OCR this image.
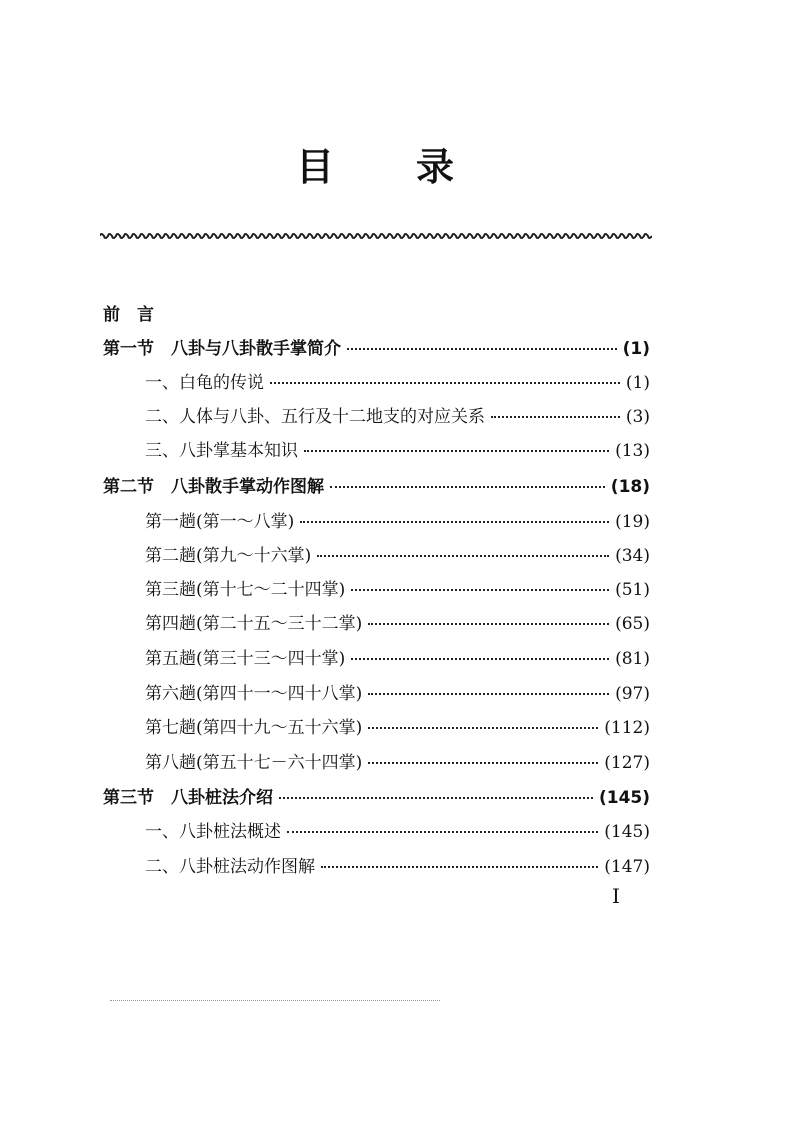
目 录
前　言
第一节　八卦与八卦散手掌简介	(1)
一、白龟的传说	(1)
二、人体与八卦、五行及十二地支的对应关系	(3)
三、八卦掌基本知识	(13)
第二节　八卦散手掌动作图解	(18)
第一趟(第一～八掌)	(19)
第二趟(第九～十六掌)	(34)
第三趟(第十七～二十四掌)	(51)
第四趟(第二十五～三十二掌)	(65)
第五趟(第三十三～四十掌)	(81)
第六趟(第四十一～四十八掌)	(97)
第七趟(第四十九～五十六掌)	(112)
第八趟(第五十七－六十四掌)	(127)
第三节　八卦桩法介绍	(145)
一、八卦桩法概述	(145)
二、八卦桩法动作图解	(147)
I
